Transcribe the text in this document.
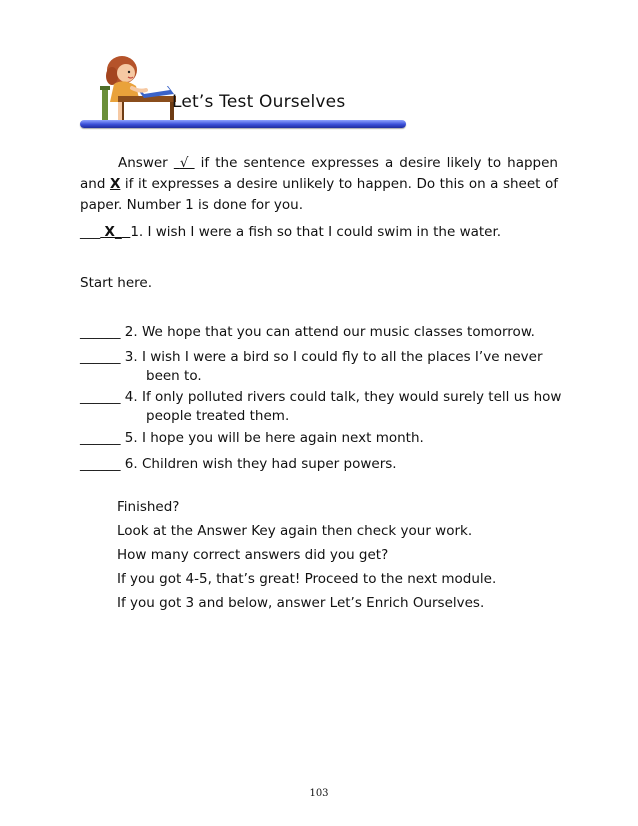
Let’s Test Ourselves
Answer √  if the sentence expresses a desire likely to happen and X if it expresses a desire unlikely to happen. Do this on a sheet of paper. Number 1 is done for you.
___ X_ 1. I wish I were a fish so that I could swim in the water.
Start here.
______ 2. We hope that you can attend our music classes tomorrow.
______ 3. I wish I were a bird so I could fly to all the places I’ve never
been to.
______ 4. If only polluted rivers could talk, they would surely tell us how
people treated them.
______ 5. I hope you will be here again next month.
______ 6. Children wish they had super powers.
Finished?
Look at the Answer Key again then check your work.
How many correct answers did you get?
If you got 4-5, that’s great! Proceed to the next module.
If you got 3 and below, answer Let’s Enrich Ourselves.
103
